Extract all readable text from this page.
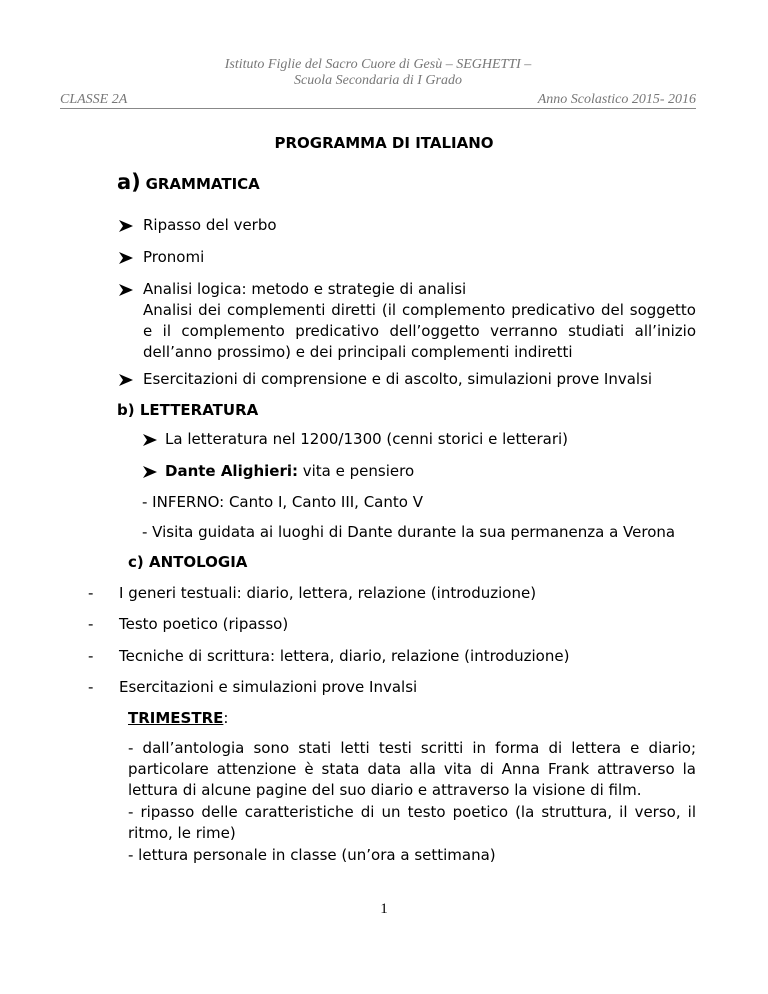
Istituto Figlie del Sacro Cuore di Gesù – SEGHETTI –
Scuola Secondaria di I Grado
CLASSE 2A	Anno Scolastico 2015- 2016
PROGRAMMA DI ITALIANO
a) GRAMMATICA
Ripasso del verbo
Pronomi
Analisi logica: metodo e strategie di analisi
Analisi dei complementi diretti (il complemento predicativo del soggetto e il complemento predicativo dell’oggetto verranno studiati all’inizio dell’anno prossimo) e dei principali complementi indiretti
Esercitazioni di comprensione e di ascolto, simulazioni prove Invalsi
b) LETTERATURA
La letteratura nel 1200/1300 (cenni storici e letterari)
Dante Alighieri: vita e pensiero
- INFERNO: Canto I, Canto III, Canto V
- Visita guidata ai luoghi di Dante durante la sua permanenza a Verona
c) ANTOLOGIA
- I generi testuali: diario, lettera, relazione (introduzione)
- Testo poetico (ripasso)
- Tecniche di scrittura: lettera, diario, relazione (introduzione)
- Esercitazioni e simulazioni prove Invalsi
TRIMESTRE:
- dall’antologia sono stati letti testi scritti in forma di lettera e diario; particolare attenzione è stata data alla vita di Anna Frank attraverso la lettura di alcune pagine del suo diario e attraverso la visione di film.
- ripasso delle caratteristiche di un testo poetico (la struttura, il verso, il ritmo, le rime)
- lettura personale in classe (un’ora a settimana)
1
